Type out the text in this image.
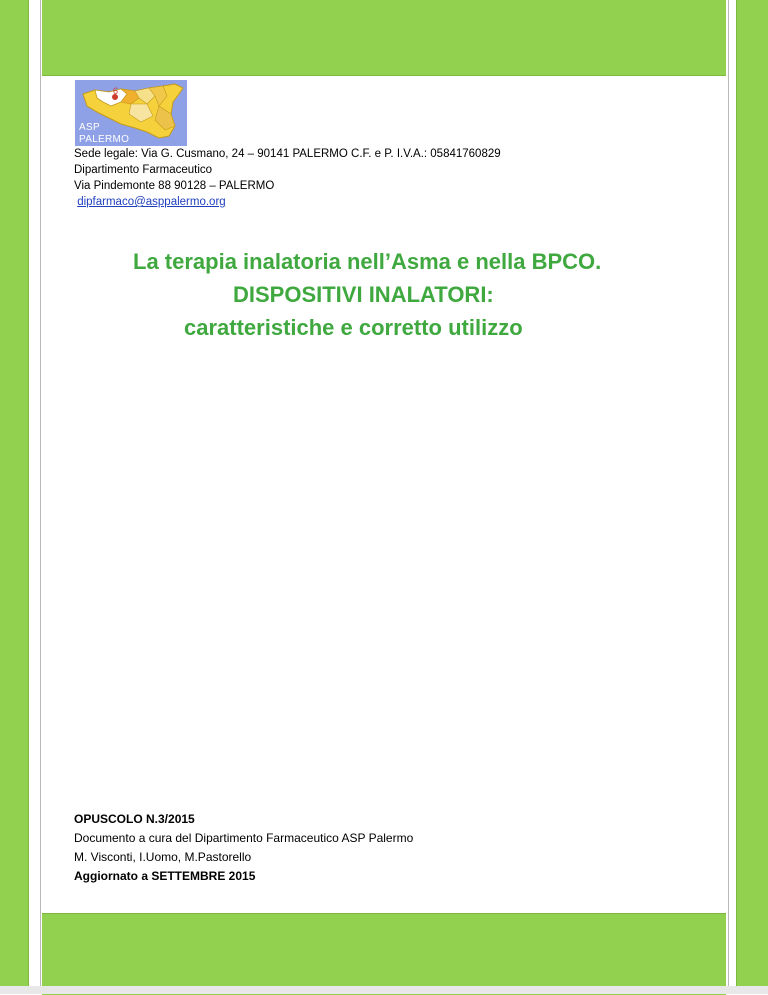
6
ASP
PALERMO
Sede legale: Via G. Cusmano, 24 – 90141 PALERMO C.F. e P. I.V.A.: 05841760829
Dipartimento Farmaceutico
Via Pindemonte 88 90128 – PALERMO
dipfarmaco@asppalermo.org
La terapia inalatoria nell’Asma e nella BPCO.
DISPOSITIVI INALATORI:
caratteristiche e corretto utilizzo
OPUSCOLO N.3/2015
Documento a cura del Dipartimento Farmaceutico ASP Palermo
M. Visconti, I.Uomo, M.Pastorello
Aggiornato a SETTEMBRE 2015
